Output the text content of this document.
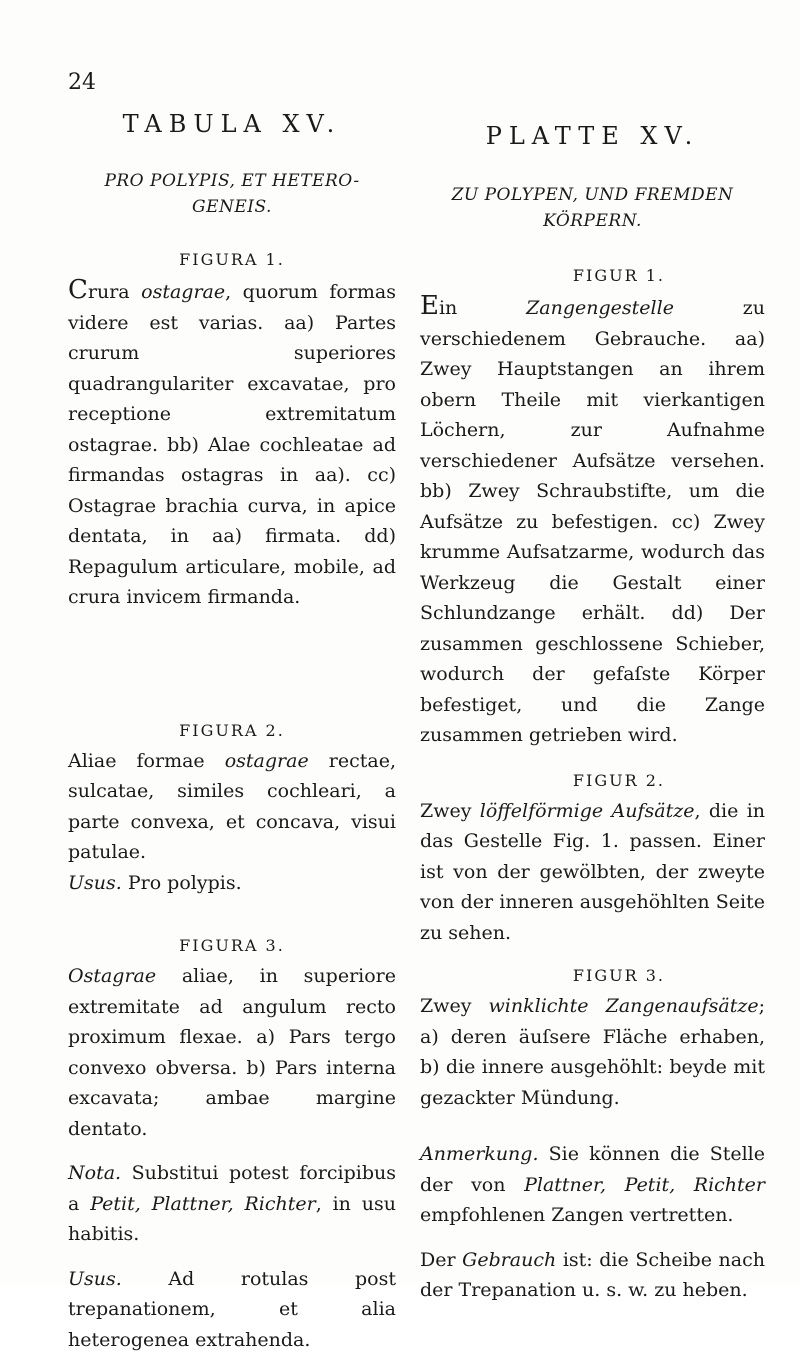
24
TABULA XV.
PRO POLYPIS, ET HETERO-
GENEIS.
FIGURA 1.

Crura ostagrae, quorum formas videre est varias. aa) Partes crurum superiores quadrangulariter excavatae, pro receptione extremitatum ostagrae. bb) Alae cochleatae ad firmandas ostagras in aa). cc) Ostagrae brachia curva, in apice dentata, in aa) firmata. dd) Repagulum articulare, mobile, ad crura invicem firmanda.

FIGURA 2.

Aliae formae ostagrae rectae, sulcatae, similes cochleari, a parte convexa, et concava, visui patulae.

Usus. Pro polypis.

FIGURA 3.

Ostagrae aliae, in superiore extremitate ad angulum recto proximum flexae. a) Pars tergo convexo obversa. b) Pars interna excavata; ambae margine dentato.

Nota. Substitui potest forcipibus a Petit, Plattner, Richter, in usu habitis.

Usus. Ad rotulas post trepanationem, et alia heterogenea extrahenda.

PLATTE XV.
ZU POLYPEN, UND FREMDEN
KÖRPERN.
FIGUR 1.

Ein Zangengestelle zu verschiedenem Gebrauche. aa) Zwey Hauptstangen an ihrem obern Theile mit vierkantigen Löchern, zur Aufnahme verschiedener Aufsätze versehen. bb) Zwey Schraubstifte, um die Aufsätze zu befestigen. cc) Zwey krumme Aufsatzarme, wodurch das Werkzeug die Gestalt einer Schlundzange erhält. dd) Der zusammen geschlossene Schieber, wodurch der gefaſste Körper befestiget, und die Zange zusammen getrieben wird.

FIGUR 2.

Zwey löffelförmige Aufsätze, die in das Gestelle Fig. 1. passen. Einer ist von der gewölbten, der zweyte von der inneren ausgehöhlten Seite zu sehen.

FIGUR 3.

Zwey winklichte Zangenaufsätze; a) deren äuſsere Fläche erhaben, b) die innere ausgehöhlt: beyde mit gezackter Mündung.

Anmerkung. Sie können die Stelle der von Plattner, Petit, Richter empfohlenen Zangen vertretten.

Der Gebrauch ist: die Scheibe nach der Trepanation u. s. w. zu heben.
